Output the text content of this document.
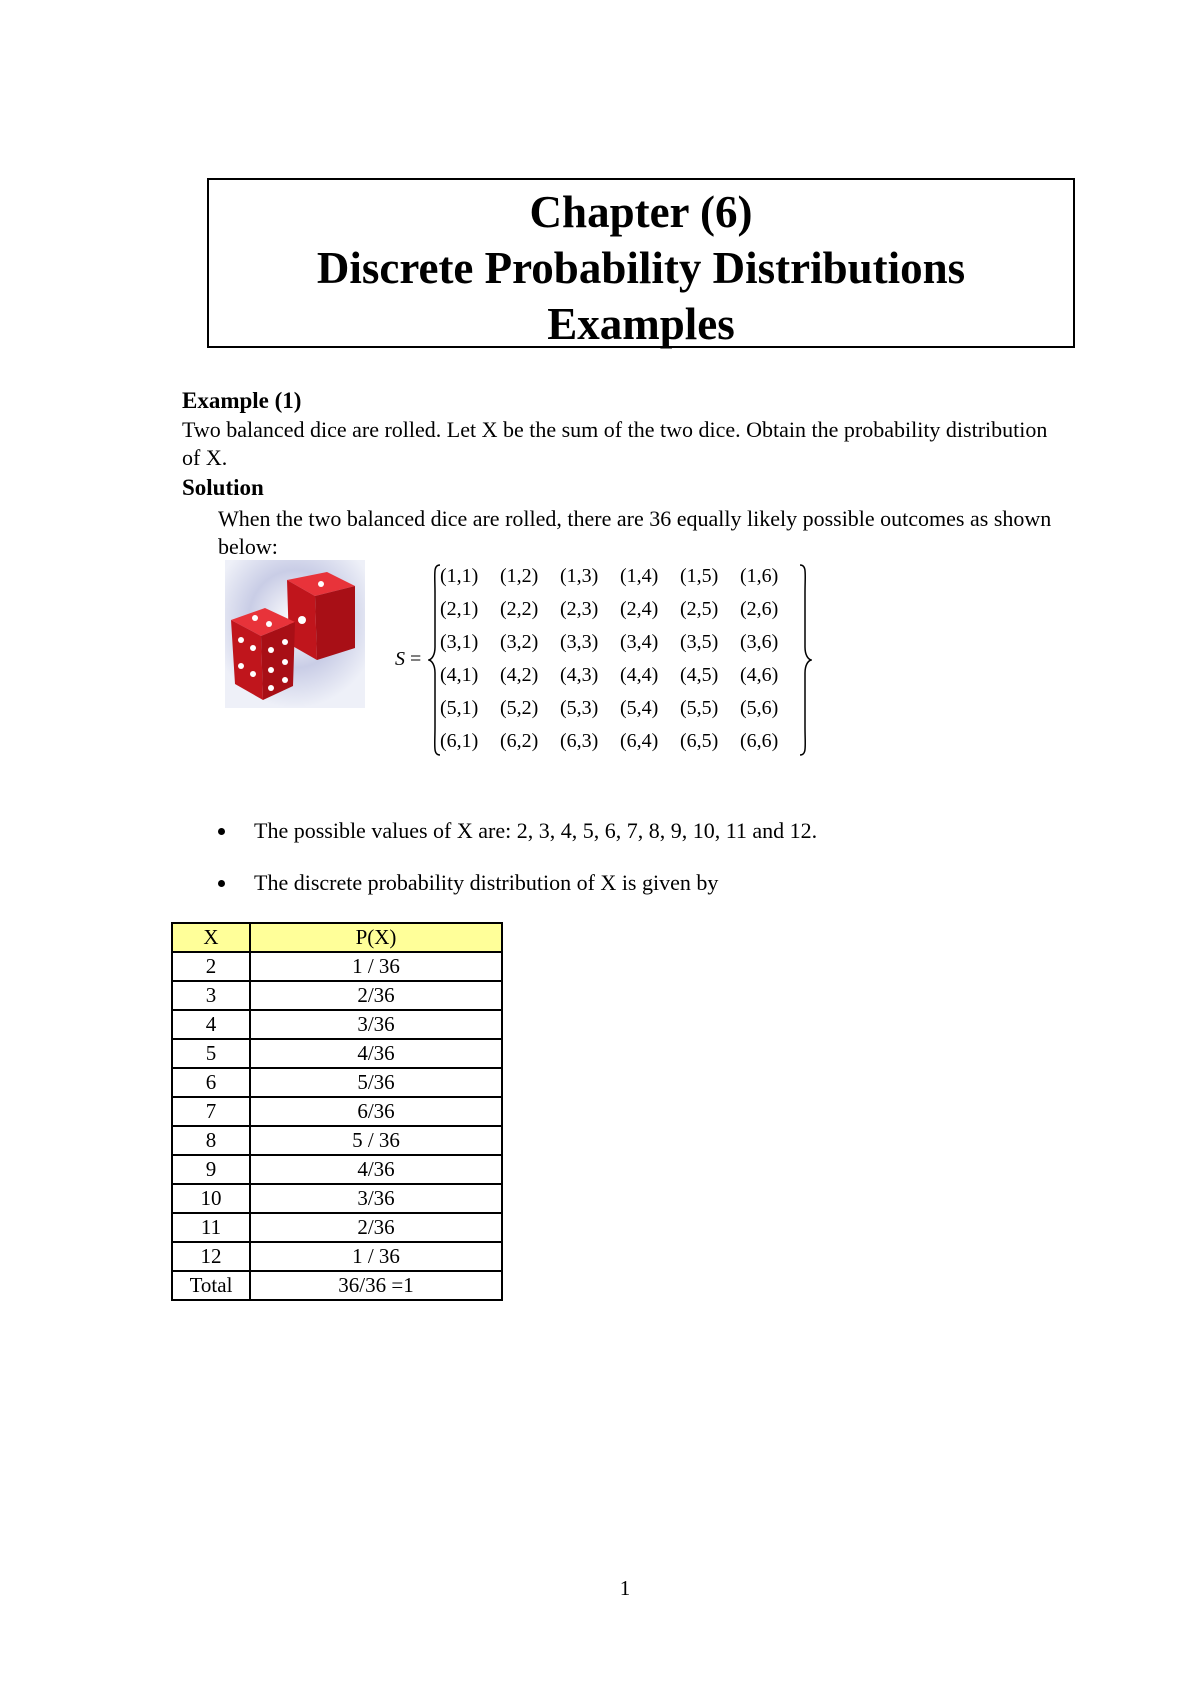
Chapter (6)
Discrete Probability Distributions
Examples
Example (1)
Two balanced dice are rolled. Let X be the sum of the two dice. Obtain the probability distribution of X.
Solution
When the two balanced dice are rolled, there are 36 equally likely possible outcomes as shown below:
S =
(1,1) (1,2) (1,3) (1,4) (1,5) (1,6)
(2,1) (2,2) (2,3) (2,4) (2,5) (2,6)
(3,1) (3,2) (3,3) (3,4) (3,5) (3,6)
(4,1) (4,2) (4,3) (4,4) (4,5) (4,6)
(5,1) (5,2) (5,3) (5,4) (5,5) (5,6)
(6,1) (6,2) (6,3) (6,4) (6,5) (6,6)
The possible values of X are: 2, 3, 4, 5, 6, 7, 8, 9, 10, 11 and 12.
The discrete probability distribution of X is given by
X	P(X)
2	1 / 36
3	2/36
4	3/36
5	4/36
6	5/36
7	6/36
8	5 / 36
9	4/36
10	3/36
11	2/36
12	1 / 36
Total	36/36 =1
1
